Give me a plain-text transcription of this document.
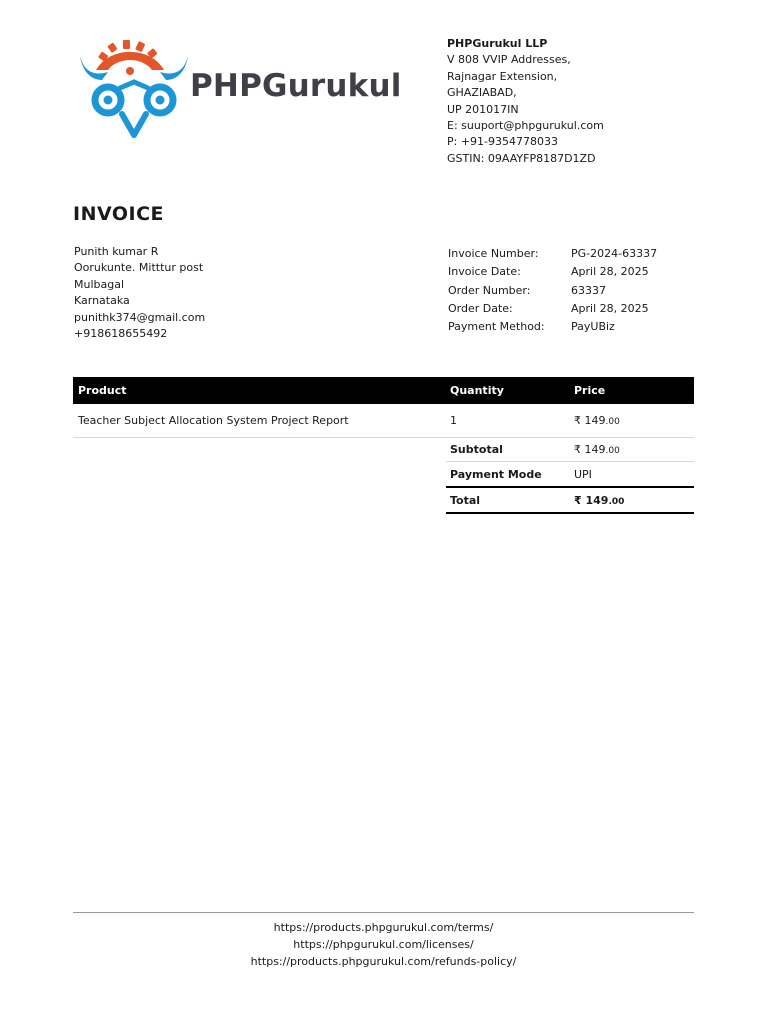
PHPGurukul
PHPGurukul LLP
V 808 VVIP Addresses,
Rajnagar Extension,
GHAZIABAD,
UP 201017IN
E: suuport@phpgurukul.com
P: +91-9354778033
GSTIN: 09AAYFP8187D1ZD
INVOICE
Punith kumar R
Oorukunte. Mitttur post
Mulbagal
Karnataka
punithk374@gmail.com
+918618655492
Invoice Number:	PG-2024-63337
Invoice Date:	April 28, 2025
Order Number:	63337
Order Date:	April 28, 2025
Payment Method:	PayUBiz
Product	Quantity	Price
Teacher Subject Allocation System Project Report	1	₹ 149.00
Subtotal	₹ 149.00
Payment Mode	UPI
Total	₹ 149.00
https://products.phpgurukul.com/terms/
https://phpgurukul.com/licenses/
https://products.phpgurukul.com/refunds-policy/
